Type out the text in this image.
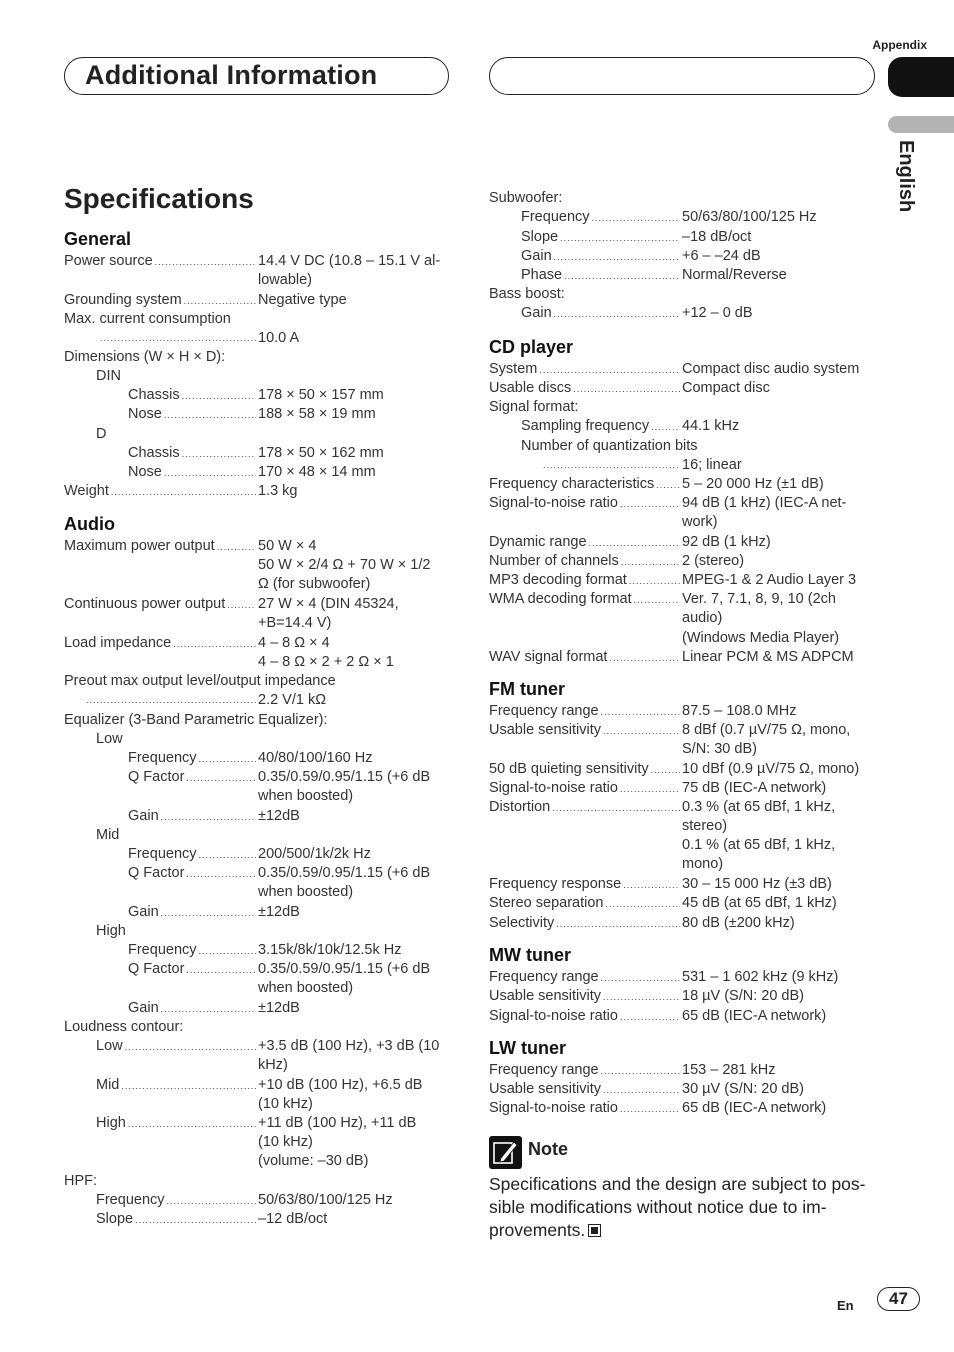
Appendix
Additional Information
English
Specifications
General
Power source .....	14.4 V DC (10.8 – 15.1 V al-
lowable)
Grounding system .....	Negative type
Max. current consumption
.....
10.0 A
Dimensions (W × H × D):
DIN
Chassis .....	178 × 50 × 157 mm
Nose .....	188 × 58 × 19 mm
D
Chassis .....	178 × 50 × 162 mm
Nose .....	170 × 48 × 14 mm
Weight .....	1.3 kg
Audio
Maximum power output .....	50 W × 4
50 W × 2/4 Ω + 70 W × 1/2
Ω (for subwoofer)
Continuous power output ..... 27 W × 4 (DIN 45324,
+B=14.4 V)
Load impedance .....	4 – 8 Ω × 4
4 – 8 Ω × 2 + 2 Ω × 1
Preout max output level/output impedance
.....
2.2 V/1 kΩ
Equalizer (3-Band Parametric Equalizer):
Low
Frequency .....	40/80/100/160 Hz
Q Factor .....	0.35/0.59/0.95/1.15 (+6 dB
when boosted)
Gain .....	±12dB
Mid
Frequency .....	200/500/1k/2k Hz
Q Factor .....	0.35/0.59/0.95/1.15 (+6 dB
when boosted)
Gain .....	±12dB
High
Frequency .....	3.15k/8k/10k/12.5k Hz
Q Factor .....	0.35/0.59/0.95/1.15 (+6 dB
when boosted)
Gain .....	±12dB
Loudness contour:
Low .....	+3.5 dB (100 Hz), +3 dB (10
kHz)
Mid .....	+10 dB (100 Hz), +6.5 dB
(10 kHz)
High .....	+11 dB (100 Hz), +11 dB
(10 kHz)
(volume: –30 dB)
HPF:
Frequency .....	50/63/80/100/125 Hz
Slope .....	–12 dB/oct
Subwoofer:
Frequency .....	50/63/80/100/125 Hz
Slope .....	–18 dB/oct
Gain .....	+6 – –24 dB
Phase .....	Normal/Reverse
Bass boost:
Gain .....	+12 – 0 dB
CD player
System .....	Compact disc audio system
Usable discs .....	Compact disc
Signal format:
Sampling frequency ..... 44.1 kHz
Number of quantization bits
.....
16; linear
Frequency characteristics ..... 5 – 20 000 Hz (±1 dB)
Signal-to-noise ratio .....	94 dB (1 kHz) (IEC-A net-
work)
Dynamic range .....	92 dB (1 kHz)
Number of channels .....	2 (stereo)
MP3 decoding format .....	MPEG-1 & 2 Audio Layer 3
WMA decoding format .....	Ver. 7, 7.1, 8, 9, 10 (2ch
audio)
(Windows Media Player)
WAV signal format .....	Linear PCM & MS ADPCM
FM tuner
Frequency range .....	87.5 – 108.0 MHz
Usable sensitivity .....	8 dBf (0.7 µV/75 Ω, mono,
S/N: 30 dB)
50 dB quieting sensitivity ..... 10 dBf (0.9 µV/75 Ω, mono)
Signal-to-noise ratio .....	75 dB (IEC-A network)
Distortion .....	0.3 % (at 65 dBf, 1 kHz,
stereo)
0.1 % (at 65 dBf, 1 kHz,
mono)
Frequency response .....	30 – 15 000 Hz (±3 dB)
Stereo separation .....	45 dB (at 65 dBf, 1 kHz)
Selectivity .....	80 dB (±200 kHz)
MW tuner
Frequency range .....	531 – 1 602 kHz (9 kHz)
Usable sensitivity .....	18 µV (S/N: 20 dB)
Signal-to-noise ratio .....	65 dB (IEC-A network)
LW tuner
Frequency range .....	153 – 281 kHz
Usable sensitivity .....	30 µV (S/N: 20 dB)
Signal-to-noise ratio .....	65 dB (IEC-A network)
Note
Specifications and the design are subject to pos-sible modifications without notice due to im-provements.
En	47
